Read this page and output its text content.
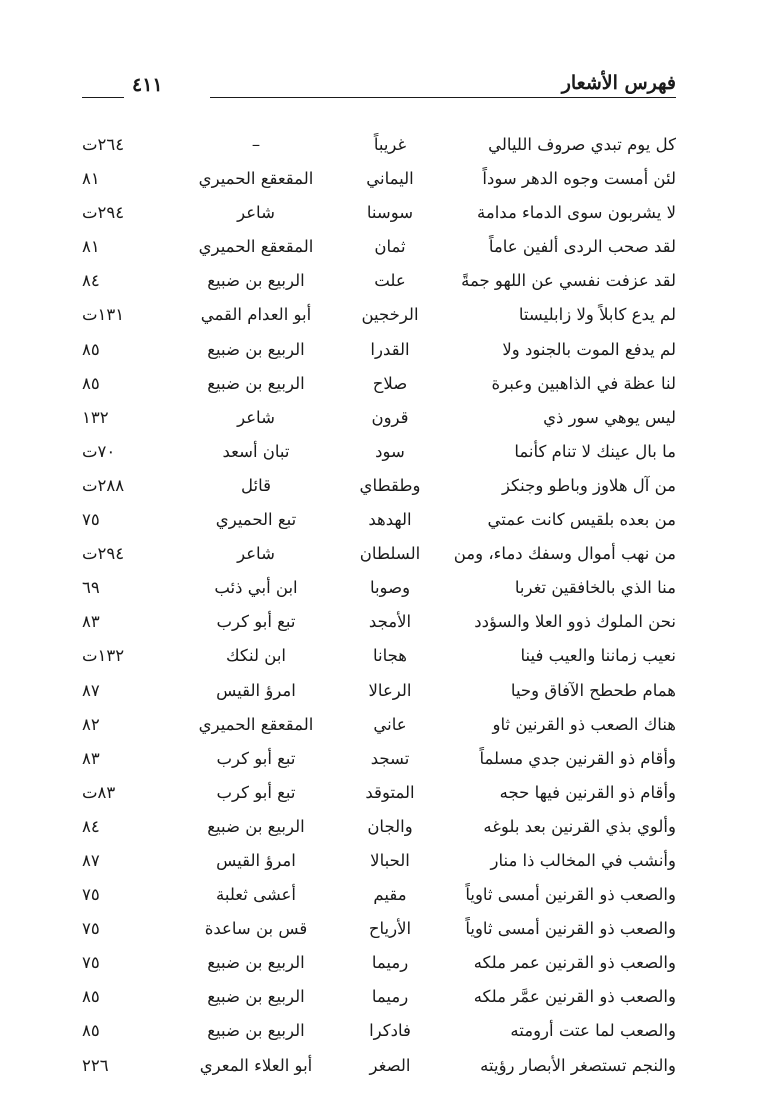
فهرس الأشعار
٤١١
كل يوم تبدي صروف الليالي
غريباً
–
٢٦٤ت
لئن أمست وجوه الدهر سوداً
اليماني
المقعقع الحميري
٨١
لا يشربون سوى الدماء مدامة
سوسنا
شاعر
٢٩٤ت
لقد صحب الردى ألفين عاماً
ثمان
المقعقع الحميري
٨١
لقد عزفت نفسي عن اللهو جمةً
علت
الربيع بن ضبيع
٨٤
لم يدع كابلاً ولا زابليستا
الرخجين
أبو العدام القمي
١٣١ت
لم يدفع الموت بالجنود ولا
القدرا
الربيع بن ضبيع
٨٥
لنا عظة في الذاهبين وعبرة
صلاح
الربيع بن ضبيع
٨٥
ليس يوهي سور ذي
قرون
شاعر
١٣٢
ما بال عينك لا تنام كأنما
سود
تبان أسعد
٧٠ت
من آل هلاوز وباطو وجنكز
وطقطاي
قائل
٢٨٨ت
من بعده بلقيس كانت عمتي
الهدهد
تبع الحميري
٧٥
من نهب أموال وسفك دماء، ومن
السلطان
شاعر
٢٩٤ت
منا الذي بالخافقين تغربا
وصوبا
ابن أبي ذئب
٦٩
نحن الملوك ذوو العلا والسؤدد
الأمجد
تبع أبو كرب
٨٣
نعيب زماننا والعيب فينا
هجانا
ابن لنكك
١٣٢ت
همام طحطح الآفاق وحيا
الرعالا
امرؤ القيس
٨٧
هناك الصعب ذو القرنين ثاو
عاني
المقعقع الحميري
٨٢
وأقام ذو القرنين جدي مسلماً
تسجد
تبع أبو كرب
٨٣
وأقام ذو القرنين فيها حجه
المتوقد
تبع أبو كرب
٨٣ت
وألوي بذي القرنين بعد بلوغه
والجان
الربيع بن ضبيع
٨٤
وأنشب في المخالب ذا منار
الحبالا
امرؤ القيس
٨٧
والصعب ذو القرنين أمسى ثاوياً
مقيم
أعشى ثعلبة
٧٥
والصعب ذو القرنين أمسى ثاوياً
الأرياح
قس بن ساعدة
٧٥
والصعب ذو القرنين عمر ملكه
رميما
الربيع بن ضبيع
٧٥
والصعب ذو القرنين عمَّر ملكه
رميما
الربيع بن ضبيع
٨٥
والصعب لما عتت أرومته
فادكرا
الربيع بن ضبيع
٨٥
والنجم تستصغر الأبصار رؤيته
الصغر
أبو العلاء المعري
٢٢٦
